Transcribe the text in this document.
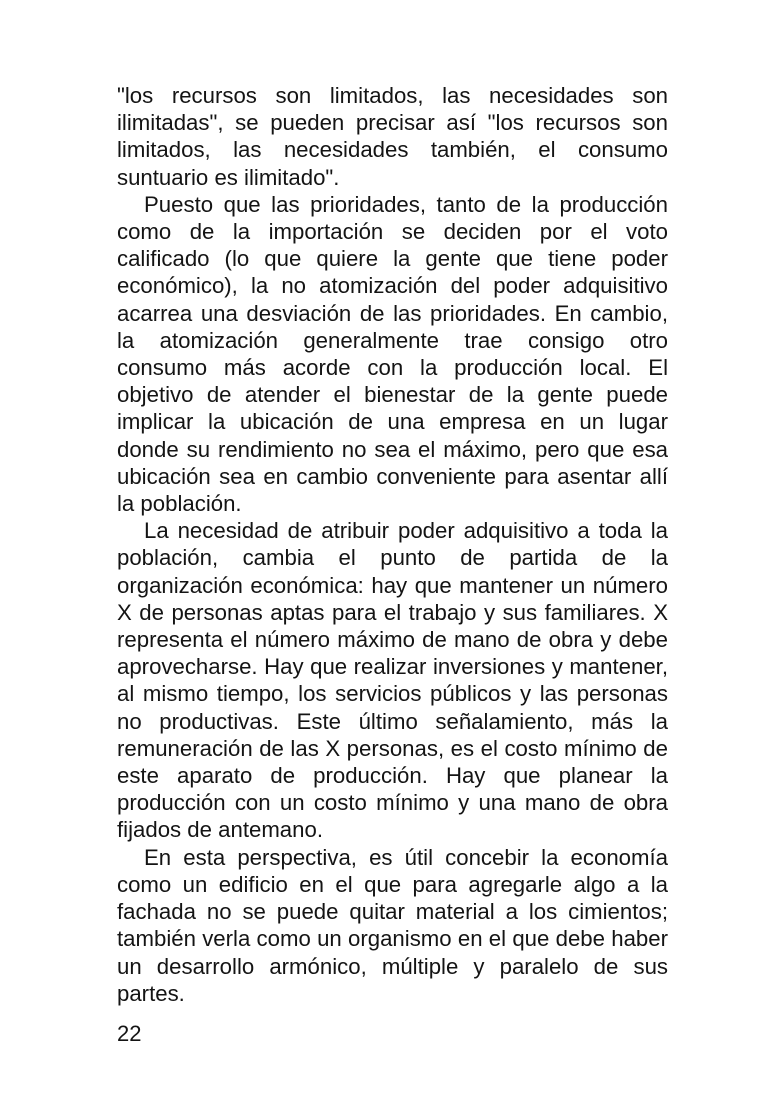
"los recursos son limitados, las necesidades son ilimitadas", se pueden precisar así "los recursos son limitados, las necesidades también, el consumo suntuario es ilimitado".

Puesto que las prioridades, tanto de la producción como de la importación se deciden por el voto calificado (lo que quiere la gente que tiene poder económico), la no atomización del poder adquisitivo acarrea una desviación de las prioridades. En cambio, la atomización generalmente trae consigo otro consumo más acorde con la producción local. El objetivo de atender el bienestar de la gente puede implicar la ubicación de una empresa en un lugar donde su rendimiento no sea el máximo, pero que esa ubicación sea en cambio conveniente para asentar allí la población.

La necesidad de atribuir poder adquisitivo a toda la población, cambia el punto de partida de la organización económica: hay que mantener un número X de personas aptas para el trabajo y sus familiares. X representa el número máximo de mano de obra y debe aprovecharse. Hay que realizar inversiones y mantener, al mismo tiempo, los servicios públicos y las personas no productivas. Este último señalamiento, más la remuneración de las X personas, es el costo mínimo de este aparato de producción. Hay que planear la producción con un costo mínimo y una mano de obra fijados de antemano.

En esta perspectiva, es útil concebir la economía como un edificio en el que para agregarle algo a la fachada no se puede quitar material a los cimientos; también verla como un organismo en el que debe haber un desarrollo armónico, múltiple y paralelo de sus partes.

22
